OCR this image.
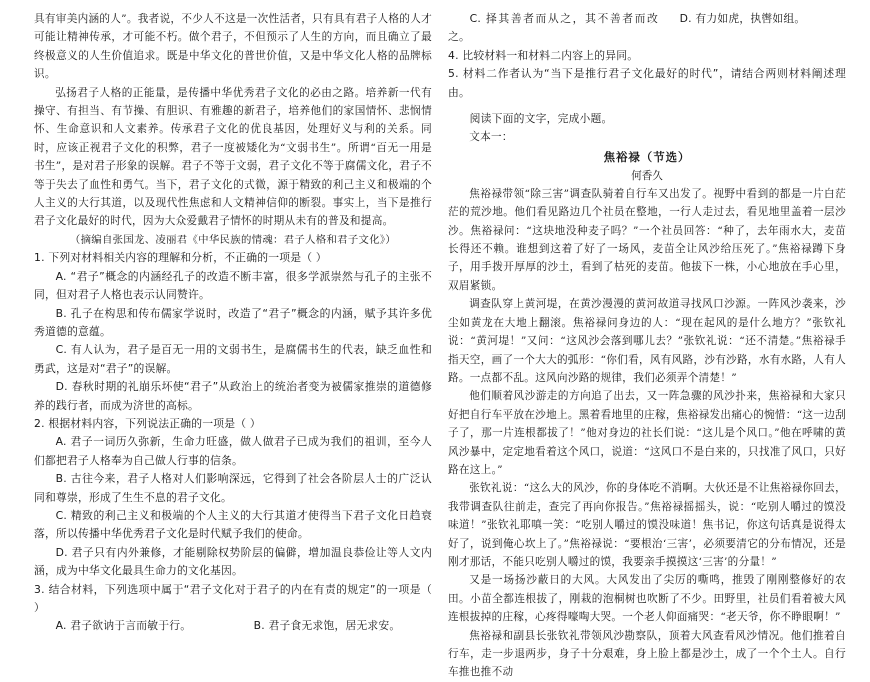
具有审美内涵的人”。我者说，不少人不这是一次性活者，只有具有君子人格的人才可能让精神传承，才可能不朽。做个君子，不但预示了人生的方向，而且确立了最终极意义的人生价值追求。既是中华文化的普世价值，又是中华文化人格的品牌标识。

弘扬君子人格的正能量，是传播中华优秀君子文化的必由之路。培养新一代有操守、有担当、有节操、有胆识、有雅趣的新君子，培养他们的家国情怀、悲悯情怀、生命意识和人文素养。传承君子文化的优良基因，处理好义与利的关系。同时，应该正视君子文化的积弊，君子一度被矮化为“文弱书生”。所谓“百无一用是书生”，是对君子形象的误解。君子不等于文弱，君子文化不等于腐儒文化，君子不等于失去了血性和勇气。当下，君子文化的式微，源于精致的利己主义和极端的个人主义的大行其道，以及现代性焦虑和人文精神信仰的断裂。事实上，当下是推行君子文化最好的时代，因为大众爱戴君子情怀的时期从未有的普及和提高。

（摘编自张国龙、凌丽君《中华民族的情魂：君子人格和君子文化》）

1. 下列对材料相关内容的理解和分析，不正确的一项是（ ）

A. “君子”概念的内涵经孔子的改造不断丰富，很多学派崇然与孔子的主张不同，但对君子人格也表示认同赞许。

B. 孔子在构思和传布儒家学说时，改造了“君子”概念的内涵，赋予其许多优秀道德的意蕴。

C. 有人认为，君子是百无一用的文弱书生，是腐儒书生的代表，缺乏血性和勇武，这是对“君子”的误解。

D. 春秋时期的礼崩乐坏使“君子”从政治上的统治者变为被儒家推崇的道德修养的践行者，而成为济世的高标。

2. 根据材料内容，下列说法正确的一项是（ ）

A. 君子一词历久弥新，生命力旺盛，做人做君子已成为我们的祖训，至今人们都把君子人格奉为自己做人行事的信条。

B. 古往今来，君子人格对人们影响深远，它得到了社会各阶层人士的广泛认同和尊崇，形成了生生不息的君子文化。

C. 精致的利己主义和极端的个人主义的大行其道才使得当下君子文化日趋衰落，所以传播中华优秀君子文化是时代赋予我们的使命。

D. 君子只有内外兼修，才能剔除权势阶层的偏僻，增加温良恭俭让等人文内涵，成为中华文化最具生命力的文化基因。

3. 结合材料，下列选项中属于“君子文化对于君子的内在有责的规定”的一项是（ ）

A. 君子欲讷于言而敏于行。	B. 君子食无求饱，居无求安。
C. 择其善者而从之，其不善者而改之。
D. 有力如虎，执辔如组。

4. 比较材料一和材料二内容上的异同。

5. 材料二作者认为“当下是推行君子文化最好的时代”，请结合两则材料阐述理由。

阅读下面的文字，完成小题。

文本一：

焦裕禄（节选）

何香久

焦裕禄带领“除三害”调查队骑着自行车又出发了。视野中看到的都是一片白茫茫的荒沙地。他们看见路边几个社员在整地，一行人走过去，看见地里盖着一层沙沙。焦裕禄问：“这块地没种麦子吗？”一个社员回答：“种了，去年雨水大，麦苗长得还不赖。谁想到这着了好了一场风，麦苗全让风沙给压死了。”焦裕禄蹲下身子，用手拨开厚厚的沙土，看到了枯死的麦苗。他拔下一株，小心地放在手心里，双眉紧锁。

调查队穿上黄河堤，在黄沙漫漫的黄河故道寻找风口沙源。一阵风沙袭来，沙尘如黄龙在大地上翻滚。焦裕禄问身边的人：“现在起风的是什么地方？”张钦礼说：“黄河堤！”又问：“这风沙会落到哪儿去？”张钦礼说：“还不清楚。”焦裕禄手指天空，画了一个大大的弧形：“你们看，风有风路，沙有沙路，水有水路，人有人路。一点都不乱。这风向沙路的规律，我们必须弄个清楚！”

他们顺着风沙游走的方向追了出去，又一阵急骤的风沙扑来，焦裕禄和大家只好把自行车平放在沙地上。黑着看地里的庄稼，焦裕禄发出痛心的惋惜：“这一边刮子了，那一片连根都拔了！”他对身边的社长们说：“这儿是个风口。”他在呼啸的黄风沙暴中，定定地看着这个风口，说道：“这风口不是白来的，只找准了风口，只好路在这上。”

张钦礼说：“这么大的风沙，你的身体吃不消啊。大伙还是不让焦裕禄你回去，我带调查队往前走，查完了再向你报告。”焦裕禄摇摇头，说：“吃别人嚼过的馍没味道！”张钦礼耶嗔一笑：“吃别人嚼过的馍没味道！焦书记，你这句话真是说得太好了，说到俺心坎上了。”焦裕禄说：“要根治‘三害’，必须要清它的分布情况，还是刚才那话，不能只吃别人嚼过的馍，我要亲手摸摸这‘三害’的分量！”

又是一场扬沙蔽日的大风。大风发出了尖厉的嘶鸣，推毁了刚刚整修好的农田。小苗全都连根拔了，刚栽的泡桐树也吹断了不少。田野里，社员们看着被大风连根拔掉的庄稼，心疼得嚎啕大哭。一个老人仰面痛哭：“老天爷，你不睁眼啊！”

焦裕禄和副县长张钦礼带领风沙勘察队，顶着大风查看风沙情况。他们推着自行车，走一步退两步，身子十分艰难，身上脸上都是沙土，成了一个个土人。自行车推也推不动
